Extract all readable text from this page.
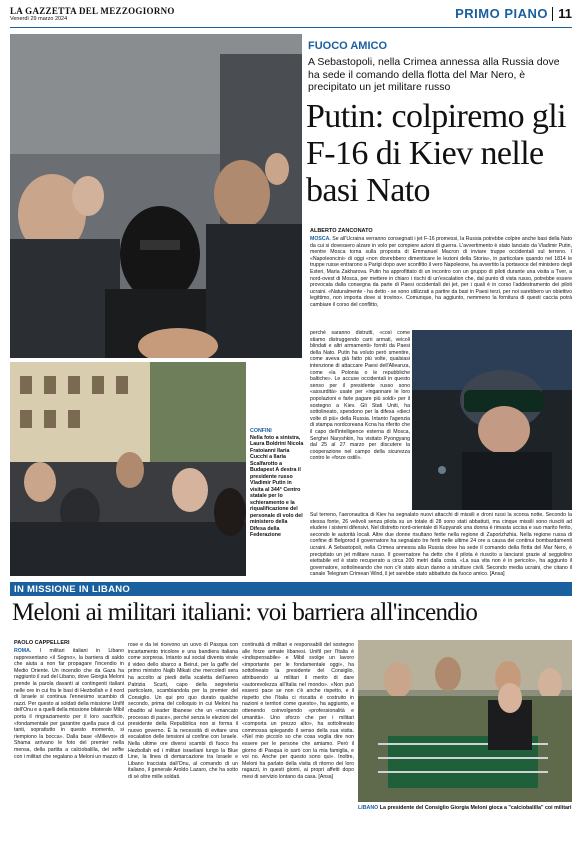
LA GAZZETTA DEL MEZZOGIORNO
Venerdì 29 marzo 2024	PRIMO PIANO 11
FUOCO AMICO
A Sebastopoli, nella Crimea annessa alla Russia dove ha sede il comando della flotta del Mar Nero, è precipitato un jet militare russo
Putin: colpiremo gli F-16 di Kiev nelle basi Nato
ALBERTO ZANCONATO
MOSCA. Se all'Ucraina verranno consegnati i jet F-16 promessi, la Russia potrebbe colpire anche basi della Nato da cui si dovessero alzare in volo per compiere azioni di guerra. L'avvertimento è stato lanciato da Vladimir Putin, mentre Mosca torna sulla proposta di Emmanuel Macron di inviare truppe occidentali sul terreno. I «Napoleoncini» di oggi «non dovrebbero dimenticare le lezioni della Storia», in particolare quando nel 1814 le truppe russe entrarono a Parigi dopo aver sconfitto il vero Napoleone, ha avvertito la portavoce del ministero degli Esteri, Maria Zakharova. Putin ha approfittato di un incontro con un gruppo di piloti durante una visita a Tver, a nord-ovest di Mosca, per mettere in chiaro i rischi di un'escalation che, dal punto di vista russo, potrebbe essere provocata dalla consegna da parte di Paesi occidentali dei jet, per i quali è in corso l'addestramento dei piloti ucraini. «Naturalmente - ha detto - se sono utilizzati a partire da basi in Paesi terzi, per noi sarebbero un obiettivo legittimo, non importa dove si trovino». Comunque, ha aggiunto, nemmeno la fornitura di questi caccia potrà cambiare il corso del conflitto,
perché saranno distrutti, «così come stiamo distruggendo carri armati, veicoli blindati e altri armamenti» forniti da Paesi della Nato. Putin ha voluto però smentire, come aveva già fatto più volte, qualsiasi intenzione di attaccare Paesi dell'Alleanza, come «la Polonia o le repubbliche baltiche». Le accuse occidentali in questo senso per il presidente russo sono «assurdità» usate per «ingannare le loro popolazioni e farle pagare più soldi» per il sostegno a Kiev. Gli Stati Uniti, ha sottolineato, spendono per la difesa «dieci volte di più» della Russia. Intanto l'agenzia di stampa nordcoreana Kcna ha riferito che il capo dell'intelligence esterna di Mosca, Serghei Naryshkin, ha visitato Pyongyang dal 25 al 27 marzo per discutere la cooperazione nel campo della sicurezza contro le «forze ostili».
Sul terreno, l'aeronautica di Kiev ha segnalato nuovi attacchi di missili e droni russi la scorsa notte. Secondo la stessa fonte, 26 velivoli senza pilota su un totale di 28 sono stati abbattuti, ma cinque missili sono riusciti ad eludere i sistemi difensivi. Nel distretto nord-orientale di Kupyansk una donna è rimasta uccisa e suo marito ferito, secondo le autorità locali. Altre due donne risultano ferite nella regione di Zaporizhzhia. Nella regione russa di confine di Belgorod il governatore ha segnalato tre feriti nelle ultime 24 ore a causa dei continui bombardamenti ucraini. A Sebastopoli, nella Crimea annessa alla Russia dove ha sede il comando della flotta del Mar Nero, è precipitato un jet militare russo. Il governatore ha detto che il pilota è riuscito a lanciarsi grazie al seggiolino eiettabile ed è stato recuperato a circa 200 metri dalla costa. «La sua vita non è in pericolo», ha aggiunto il governatore, sottolineando che non c'è stato alcun danno a strutture civili. Secondo media ucraini, che citano il canale Telegram Crimean Wind, il jet sarebbe stato abbattuto da fuoco amico. [Ansa]
CONFINI
Nella foto a sinistra, Laura Boldrini Nicola Fratoianni Ilaria Cucchi a Ilaria Scalfarotto a Budapest A destra il presidente russo Vladimir Putin in visita al 344° Centro statale per lo schieramento e la riqualificazione del personale di volo del ministero della Difesa della Federazione
IN MISSIONE IN LIBANO
Meloni ai militari italiani: voi barriera all'incendio
PAOLO CAPPELLERI
ROMA. I militari italiani in Libano rappresentano «il Sogno», la barriera di saldo che aiuta a non far propagare l'incendio in Medio Oriente. Un incendio che da Gaza ha raggiunto il sud del Libano, dove Giorgia Meloni prende la parola davanti ai contingenti italiani nelle ore in cui fra le basi di Hezbollah e il nord di Israele si continua l'ennesimo scambio di razzi. Per questo ai soldati della missione Unifil dell'Onu e a quelli della missione bilaterale Mibil porta il ringraziamento per il loro sacrificio, «fondamentale per garantire quella pace di cui tanti, soprattutto in questo momento, si riempiono la bocca». Dalla base «Millevoi» di Shama arrivano le foto del premier nella mensa, della partita a calciobalilla, dei selfie con i militari che regalano a Meloni un mazzo di
rose e da lei ricevono un uovo di Pasqua con incartamento tricolore e una bandiera italiana come sorpresa. Intanto sul social diventa virale il video dello sbarco a Beirut, per la gaffe del primo ministro Najib Mikati che mercoledì sera ha accolto ai piedi della scaletta dell'aereo Patrizia Scurti, capo della segreteria particolare, scambiandola per la premier del Consiglio. Un qui pro quo durato qualche secondo, prima del colloquio in cui Meloni ha ribadito al leader libanese che un «mancato processo di pace», perché senza le elezioni del presidente della Repubblica non si forma il nuovo governo. È la necessità di evitare una escalation delle tensioni al confine con Israele. Nella ultime ore diversi scambi di fuoco fra Hezbollah ed i militari israeliani lungo la Blue Line, la linea di demarcazione tra Israele e Libano tracciata dall'Onu, al comando di un italiano, il generale Aroldo Lazaro, che ha sotto di sé oltre mille soldati.
continuità di militari e responsabili del sostegno alle forze armate libanesi. Unifil per l'Italia è «indispensabile» e Mibil svolge un lavoro «importante per le fondamentale oggi», ha sottolineato la presidente del Consiglio, attribuendo ai militari il merito di dare «autorevolezza all'Italia nel mondo». «Non può esserci pace se non c'è anche rispetto, e il rispetto che l'Italia ci riscatta è costruito in nazioni e territori come questo», ha aggiunto, e ottenendo coinvolgendo «professionalità e umanità». Uno sforzo che per i militari «comporta un prezzo alto», ha sottolineato commossa spiegando il senso della sua visita. «Nel mio piccolo so che cosa voglia dire non essere per le persone che amiamo. Però il giorno di Pasqua io sarò con la mia famiglia, e voi no. Anche per questo sono qui». Inoltre, Meloni ha parlato della visita di ritorno dei loro ragazzi, in questi giorni, ai propri affetti dopo mesi di servizio lontano da casa. [Ansa]
LIBANO La presidente del Consiglio Giorgia Meloni gioca a "calciobalilla" coi militari
